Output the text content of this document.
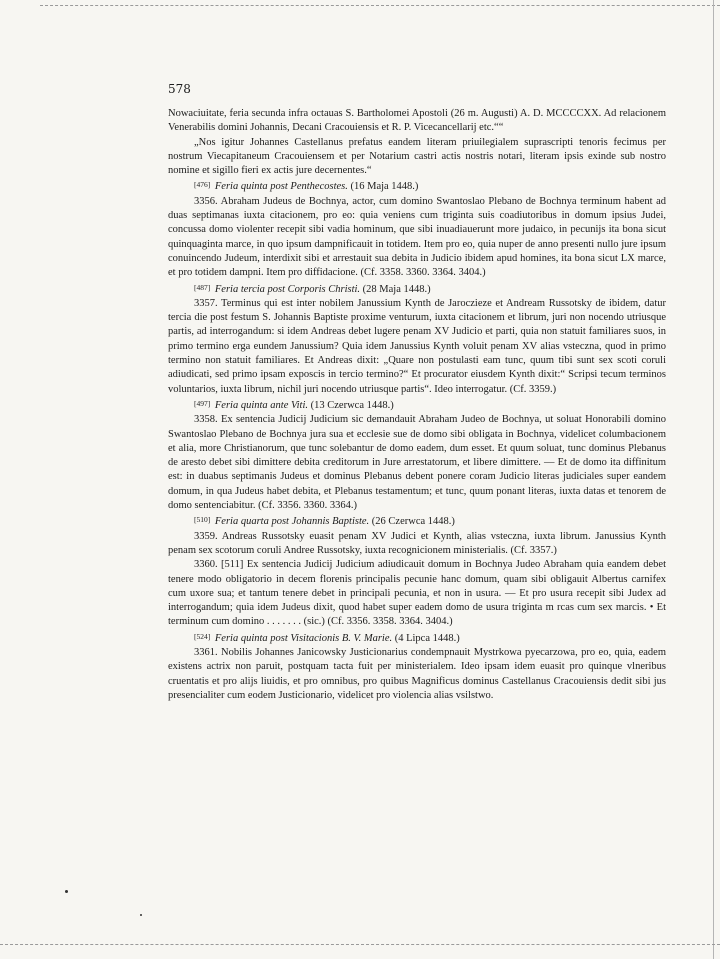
578

Nowaciuitate, feria secunda infra octauas S. Bartholomei Apostoli (26 m. Augusti) A. D. MCCCCXX. Ad relacionem Venerabilis domini Johannis, Decani Cracouiensis et R. P. Vicecancellarij etc.““

„Nos igitur Johannes Castellanus prefatus eandem literam priuilegialem suprascripti tenoris fecimus per nostrum Viecapitaneum Cracouiensem et per Notarium castri actis nostris notari, literam ipsis exinde sub nostro nomine et sigillo fieri ex actis jure decernentes.“

[476] Feria quinta post Penthecostes. (16 Maja 1448.)

3356. Abraham Judeus de Bochnya, actor, cum domino Swantoslao Plebano de Bochnya terminum habent ad duas septimanas iuxta citacionem, pro eo: quia veniens cum triginta suis coadiutoribus in domum ipsius Judei, concussa domo violenter recepit sibi vadia hominum, que sibi inuadiauerunt more judaico, in pecunijs ita bona sicut quinquaginta marce, in quo ipsum dampnificauit in totidem. Item pro eo, quia nuper de anno presenti nullo jure ipsum conuincendo Judeum, interdixit sibi et arrestauit sua debita in Judicio ibidem apud homines, ita bona sicut LX marce, et pro totidem dampni. Item pro diffidacione. (Cf. 3358. 3360. 3364. 3404.)

[487] Feria tercia post Corporis Christi. (28 Maja 1448.)

3357. Terminus qui est inter nobilem Janussium Kynth de Jaroczieze et Andream Russotsky de ibidem, datur tercia die post festum S. Johannis Baptiste proxime venturum, iuxta citacionem et librum, juri non nocendo utriusque partis, ad interrogandum: si idem Andreas debet lugere penam XV Judicio et parti, quia non statuit familiares suos, in primo termino erga eundem Janussium? Quia idem Janussius Kynth voluit penam XV alias vsteczna, quod in primo termino non statuit familiares. Et Andreas dixit: „Quare non postulasti eam tunc, quum tibi sunt sex scoti coruli adiudicati, sed primo ipsam exposcis in tercio termino?“ Et procurator eiusdem Kynth dixit:“ Scripsi tecum terminos voluntarios, iuxta librum, nichil juri nocendo utriusque partis“. Ideo interrogatur. (Cf. 3359.)

[497] Feria quinta ante Viti. (13 Czerwca 1448.)

3358. Ex sentencia Judicij Judicium sic demandauit Abraham Judeo de Bochnya, ut soluat Honorabili domino Swantoslao Plebano de Bochnya jura sua et ecclesie sue de domo sibi obligata in Bochnya, videlicet columbacionem et alia, more Christianorum, que tunc solebantur de domo eadem, dum esset. Et quum soluat, tunc dominus Plebanus de aresto debet sibi dimittere debita creditorum in Jure arrestatorum, et libere dimittere. — Et de domo ita diffinitum est: in duabus septimanis Judeus et dominus Plebanus debent ponere coram Judicio literas judiciales super eandem domum, in qua Judeus habet debita, et Plebanus testamentum; et tunc, quum ponant literas, iuxta datas et tenorem de domo sentenciabitur. (Cf. 3356. 3360. 3364.)

[510] Feria quarta post Johannis Baptiste. (26 Czerwca 1448.)

3359. Andreas Russotsky euasit penam XV Judici et Kynth, alias vsteczna, iuxta librum. Janussius Kynth penam sex scotorum coruli Andree Russotsky, iuxta recognicionem ministerialis. (Cf. 3357.)

3360. [511] Ex sentencia Judicij Judicium adiudicauit domum in Bochnya Judeo Abraham quia eandem debet tenere modo obligatorio in decem florenis principalis pecunie hanc domum, quam sibi obligauit Albertus carnifex cum uxore sua; et tantum tenere debet in principali pecunia, et non in usura. — Et pro usura recepit sibi Judex ad interrogandum; quia idem Judeus dixit, quod habet super eadem domo de usura triginta m rcas cum sex marcis. • Et terminum cum domino . . . . . . . (sic.) (Cf. 3356. 3358. 3364. 3404.)

[524] Feria quinta post Visitacionis B. V. Marie. (4 Lipca 1448.)

3361. Nobilis Johannes Janicowsky Justicionarius condempnauit Mystrkowa pyecarzowa, pro eo, quia, eadem existens actrix non paruit, postquam tacta fuit per ministerialem. Ideo ipsam idem euasit pro quinque vlneribus cruentatis et pro alijs liuidis, et pro omnibus, pro quibus Magnificus dominus Castellanus Cracouiensis dedit sibi jus presencialiter cum eodem Justicionario, videlicet pro violencia alias vsilstwo.
